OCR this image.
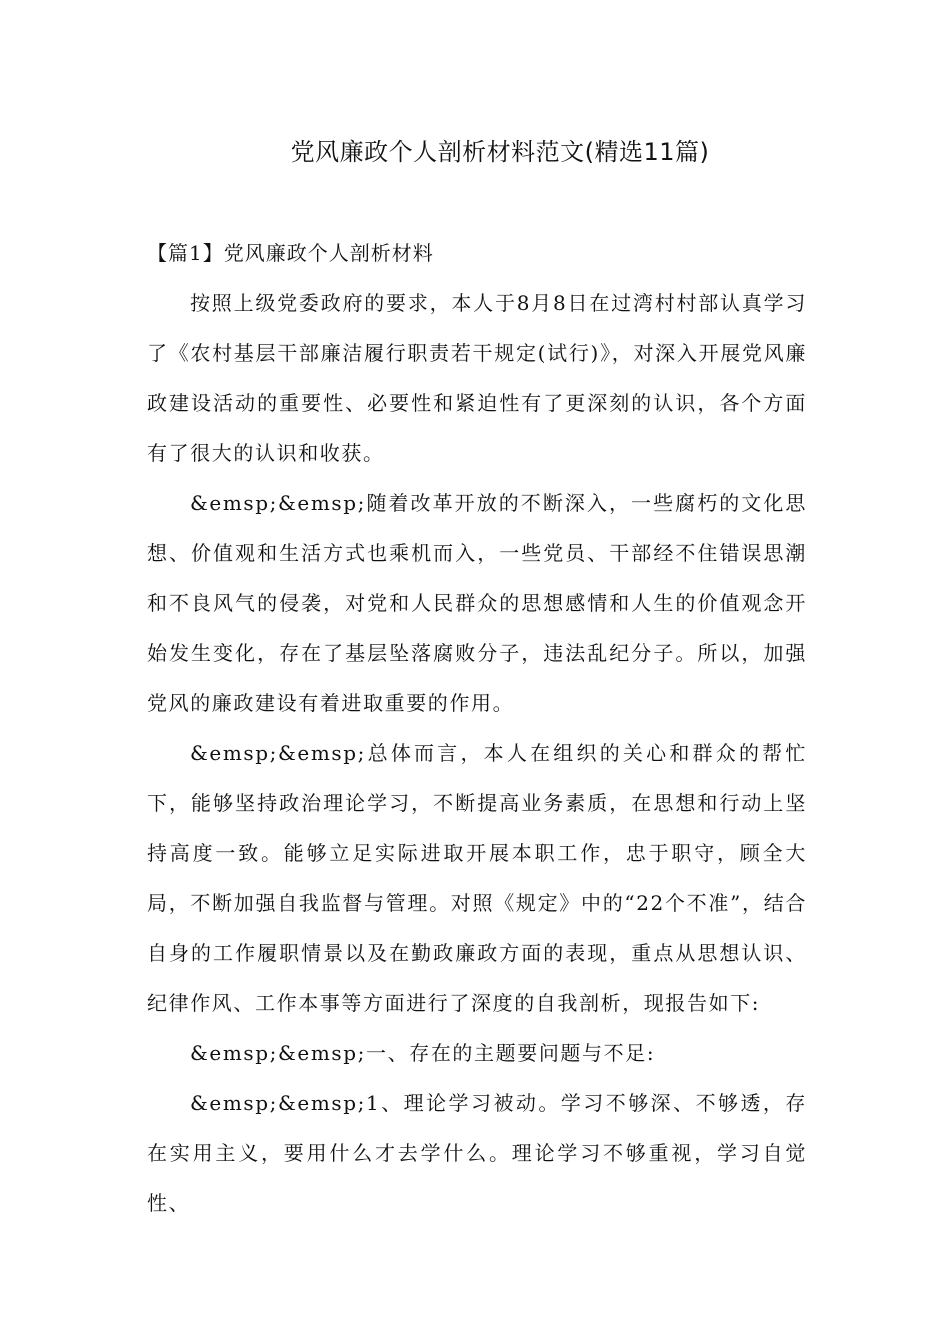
党风廉政个人剖析材料范文(精选11篇)
【篇1】党风廉政个人剖析材料

按照上级党委政府的要求，本人于8月8日在过湾村村部认真学习了《农村基层干部廉洁履行职责若干规定(试行)》，对深入开展党风廉政建设活动的重要性、必要性和紧迫性有了更深刻的认识，各个方面有了很大的认识和收获。

&emsp;&emsp;随着改革开放的不断深入，一些腐朽的文化思想、价值观和生活方式也乘机而入，一些党员、干部经不住错误思潮和不良风气的侵袭，对党和人民群众的思想感情和人生的价值观念开始发生变化，存在了基层坠落腐败分子，违法乱纪分子。所以，加强党风的廉政建设有着进取重要的作用。

&emsp;&emsp;总体而言，本人在组织的关心和群众的帮忙下，能够坚持政治理论学习，不断提高业务素质，在思想和行动上坚持高度一致。能够立足实际进取开展本职工作，忠于职守，顾全大局，不断加强自我监督与管理。对照《规定》中的“22个不准”，结合自身的工作履职情景以及在勤政廉政方面的表现，重点从思想认识、纪律作风、工作本事等方面进行了深度的自我剖析，现报告如下:

&emsp;&emsp;一、存在的主题要问题与不足:

&emsp;&emsp;1、理论学习被动。学习不够深、不够透，存在实用主义，要用什么才去学什么。理论学习不够重视，学习自觉性、
